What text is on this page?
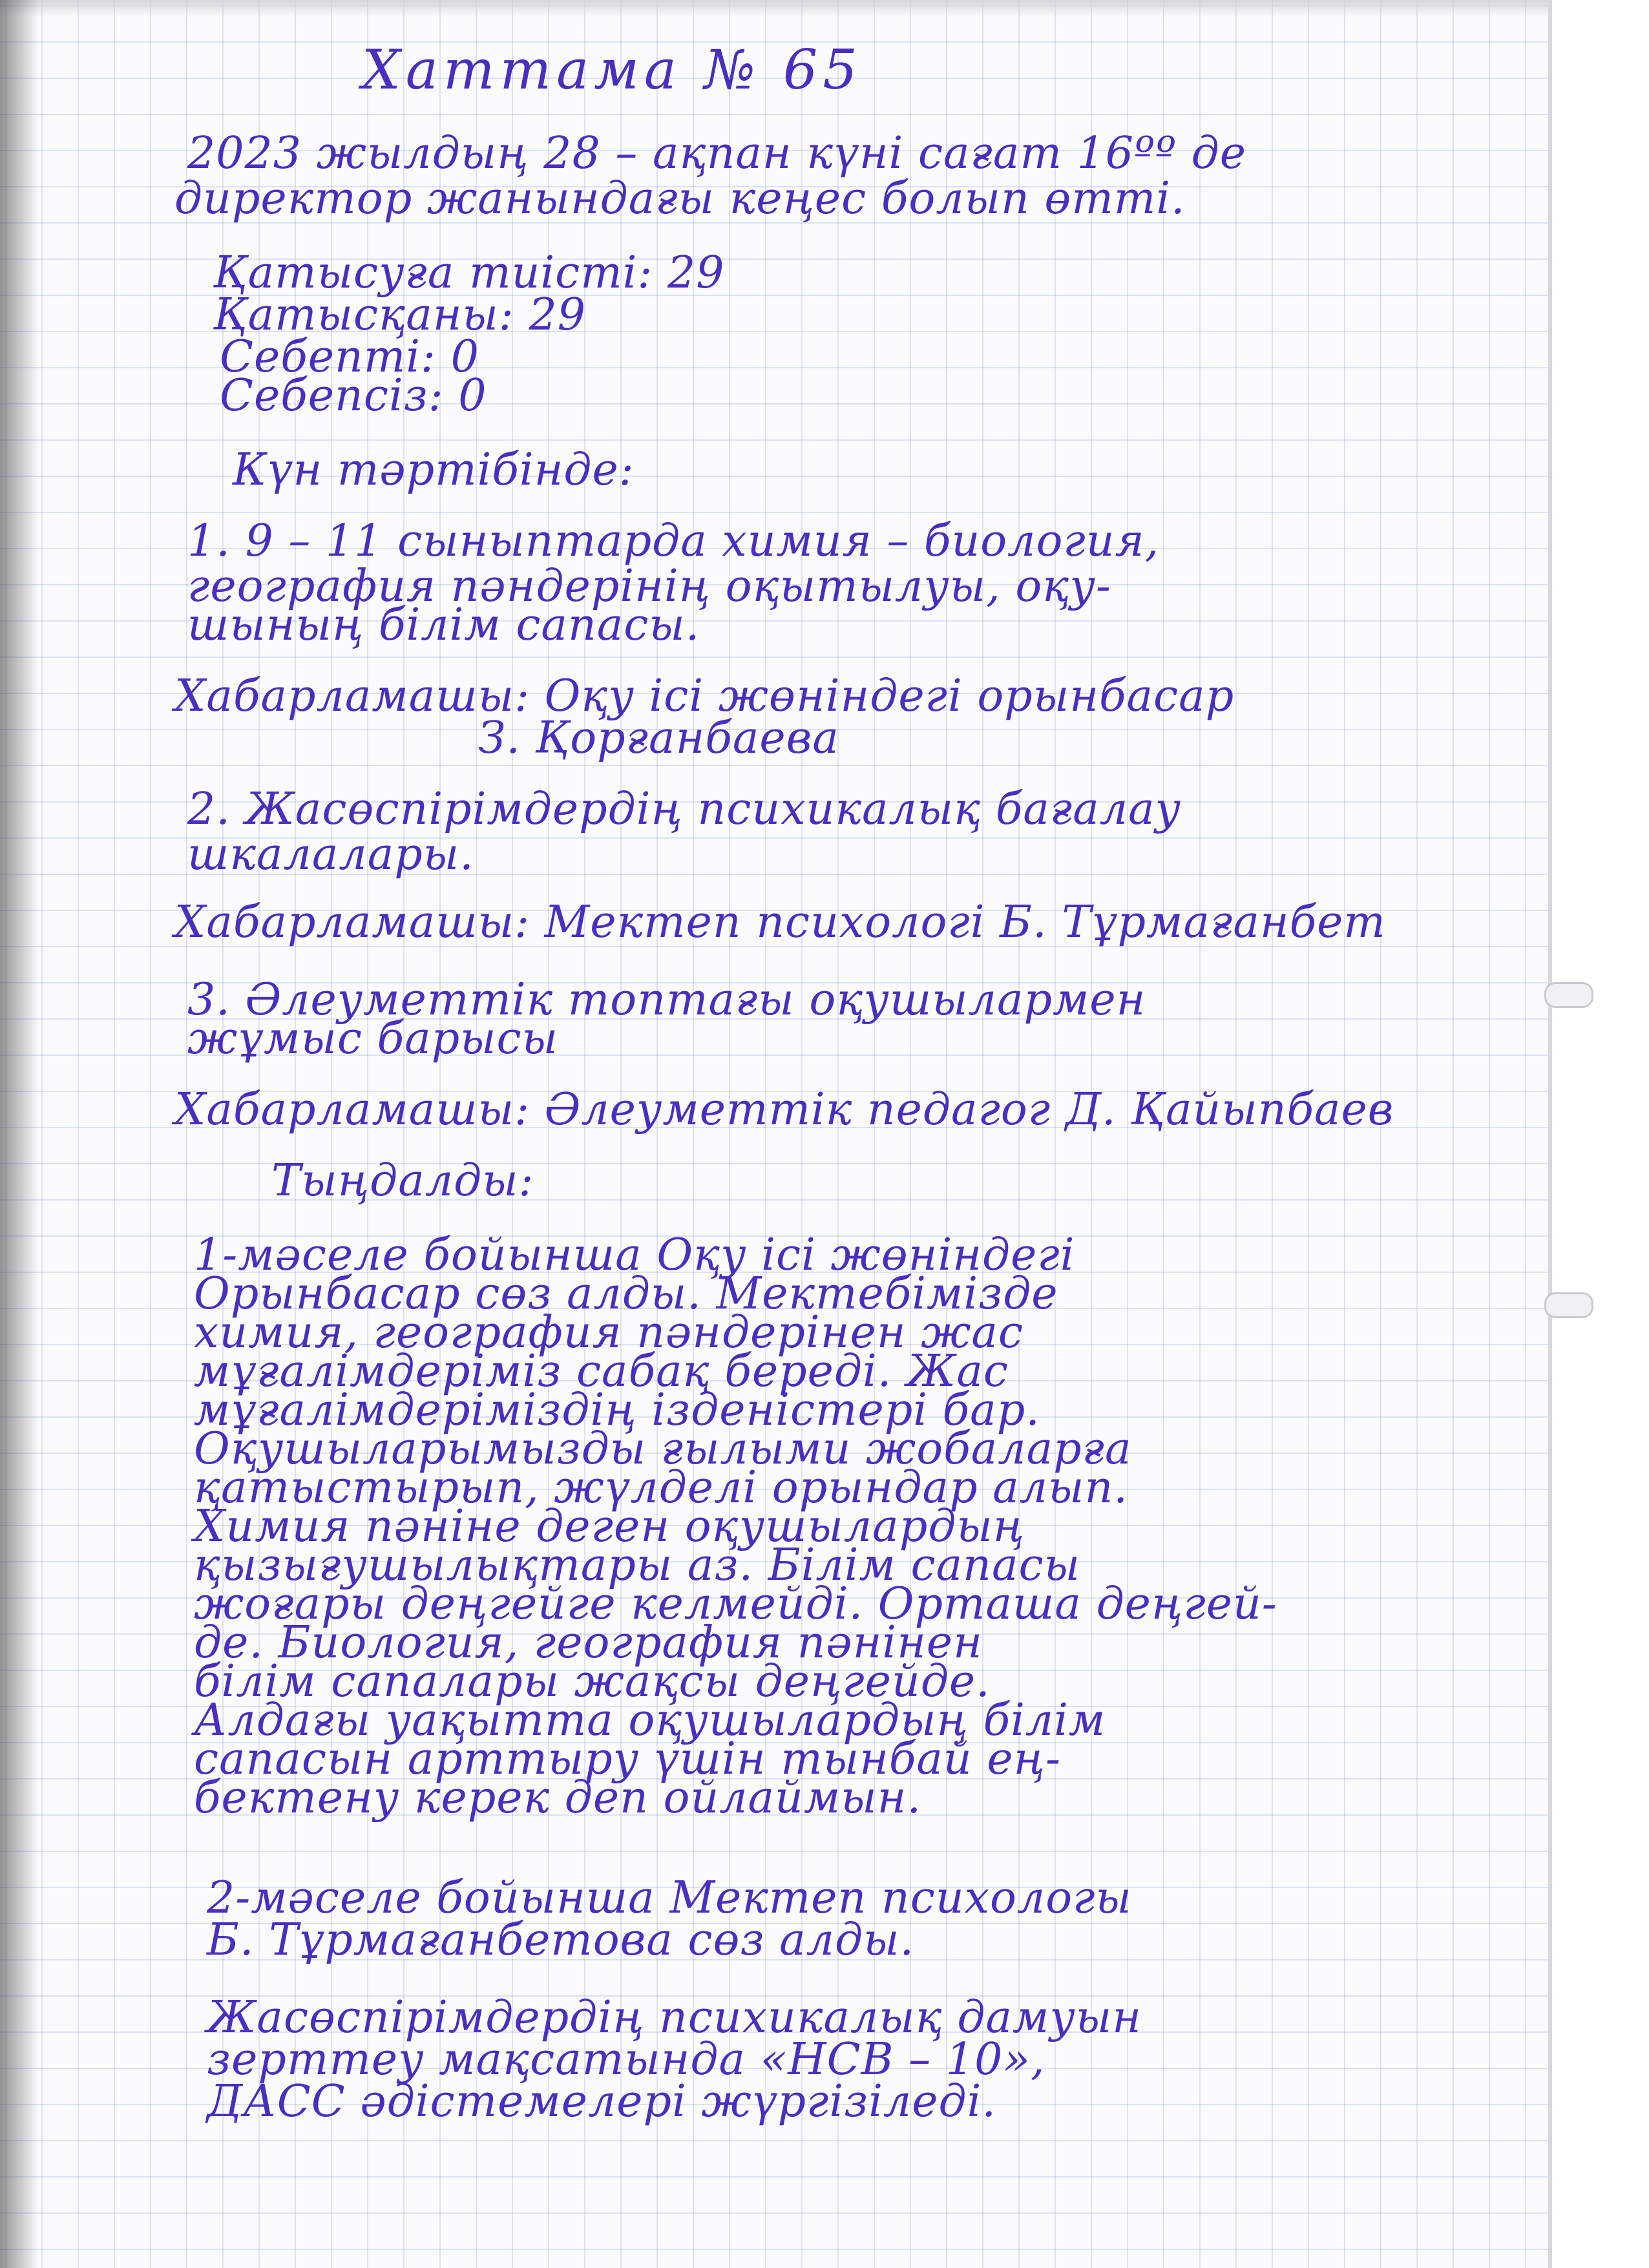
Хаттама № 65

2023 жылдың 28 – ақпан күні сағат 16ºº де

директор жанындағы кеңес болып өтті.

Қатысуға тиісті: 29

Қатысқаны: 29

Себепті: 0

Себепсіз: 0

Күн тәртібінде:

1. 9 – 11 сыныптарда химия – биология,

география пәндерінің оқытылуы, оқу-

шының білім сапасы.

Хабарламашы: Оқу ісі жөніндегі орынбасар

З. Қорғанбаева

2. Жасөспірімдердің психикалық бағалау

шкалалары.

Хабарламашы: Мектеп психологі Б. Тұрмағанбет

3. Әлеуметтік топтағы оқушылармен

жұмыс барысы

Хабарламашы: Әлеуметтік педагог Д. Қайыпбаев

Тыңдалды:

1-мәселе бойынша Оқу ісі жөніндегі

Орынбасар сөз алды. Мектебімізде

химия, география пәндерінен жас

мұғалімдеріміз сабақ береді. Жас

мұғалімдеріміздің ізденістері бар.

Оқушыларымызды ғылыми жобаларға

қатыстырып, жүлделі орындар алып.

Химия пәніне деген оқушылардың

қызығушылықтары аз. Білім сапасы

жоғары деңгейге келмейді. Орташа деңгей-

де. Биология, география пәнінен

білім сапалары жақсы деңгейде.

Алдағы уақытта оқушылардың білім

сапасын арттыру үшін тынбай ең-

бектену керек деп ойлаймын.

2-мәселе бойынша Мектеп психологы

Б. Тұрмағанбетова сөз алды.

Жасөспірімдердің психикалық дамуын

зерттеу мақсатында «НСВ – 10»,

ДАСС әдістемелері жүргізіледі.
